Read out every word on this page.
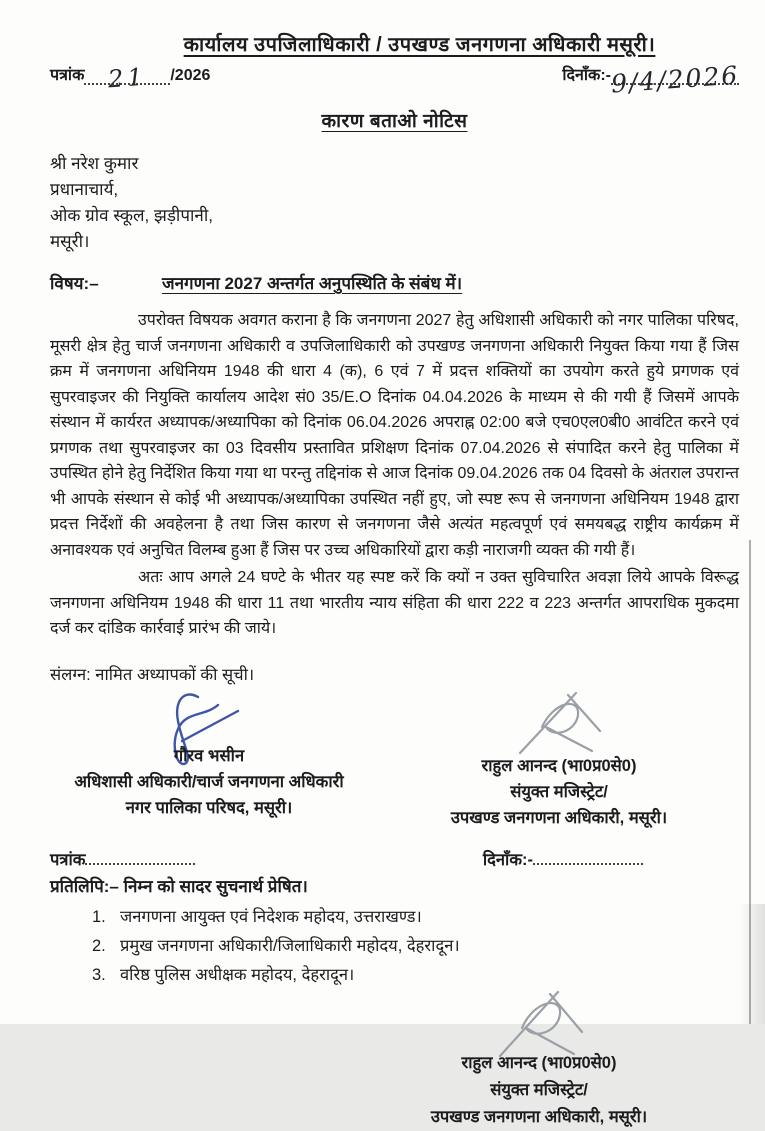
कार्यालय उपजिलाधिकारी / उपखण्ड जनगणना अधिकारी मसूरी।
पत्रांक 21	/2026	दिनाँक:- 9/4/2026
कारण बताओ नोटिस
श्री नरेश कुमार
प्रधानाचार्य,
ओक ग्रोव स्कूल, झड़ीपानी,
मसूरी।
विषय:–	जनगणना 2027 अन्तर्गत अनुपस्थिति के संबंध में।

उपरोक्त विषयक अवगत कराना है कि जनगणना 2027 हेतु अधिशासी अधिकारी को नगर पालिका परिषद, मूसरी क्षेत्र हेतु चार्ज जनगणना अधिकारी व उपजिलाधिकारी को उपखण्ड जनगणना अधिकारी नियुक्त किया गया हैं जिस क्रम में जनगणना अधिनियम 1948 की धारा 4 (क), 6 एवं 7 में प्रदत्त शक्तियों का उपयोग करते हुये प्रगणक एवं सुपरवाइजर की नियुक्ति कार्यालय आदेश सं0 35/E.O दिनांक 04.04.2026 के माध्यम से की गयी हैं जिसमें आपके संस्थान में कार्यरत अध्यापक/अध्यापिका को दिनांक 06.04.2026 अपराह्न 02:00 बजे एच0एल0बी0 आवंटित करने एवं प्रगणक तथा सुपरवाइजर का 03 दिवसीय प्रस्तावित प्रशिक्षण दिनांक 07.04.2026 से संपादित करने हेतु पालिका में उपस्थित होने हेतु निर्देशित किया गया था परन्तु तद्दिनांक से आज दिनांक 09.04.2026 तक 04 दिवसो के अंतराल उपरान्त भी आपके संस्थान से कोई भी अध्यापक/अध्यापिका उपस्थित नहीं हुए, जो स्पष्ट रूप से जनगणना अधिनियम 1948 द्वारा प्रदत्त निर्देशों की अवहेलना है तथा जिस कारण से जनगणना जैसे अत्यंत महत्वपूर्ण एवं समयबद्ध राष्ट्रीय कार्यक्रम में अनावश्यक एवं अनुचित विलम्ब हुआ हैं जिस पर उच्च अधिकारियों द्वारा कड़ी नाराजगी व्यक्त की गयी हैं।

अतः आप अगले 24 घण्टे के भीतर यह स्पष्ट करें कि क्यों न उक्त सुविचारित अवज्ञा लिये आपके विरूद्ध जनगणना अधिनियम 1948 की धारा 11 तथा भारतीय न्याय संहिता की धारा 222 व 223 अन्तर्गत आपराधिक मुकदमा दर्ज कर दांडिक कार्रवाई प्रारंभ की जाये।

संलग्न: नामित अध्यापकों की सूची।
गौरव भसीन
अधिशासी अधिकारी/चार्ज जनगणना अधिकारी
नगर पालिका परिषद, मसूरी।
राहुल आनन्द (भा0प्र0से0)
संयुक्त मजिस्ट्रेट/
उपखण्ड जनगणना अधिकारी, मसूरी।
पत्रांक	दिनाँक:-
प्रतिलिपि:– निम्न को सादर सुचनार्थ प्रेषित।
1. जनगणना आयुक्त एवं निदेशक महोदय, उत्तराखण्ड।
2. प्रमुख जनगणना अधिकारी/जिलाधिकारी महोदय, देहरादून।
3. वरिष्ठ पुलिस अधीक्षक महोदय, देहरादून।
राहुल आनन्द (भा0प्र0से0)
संयुक्त मजिस्ट्रेट/
उपखण्ड जनगणना अधिकारी, मसूरी।
